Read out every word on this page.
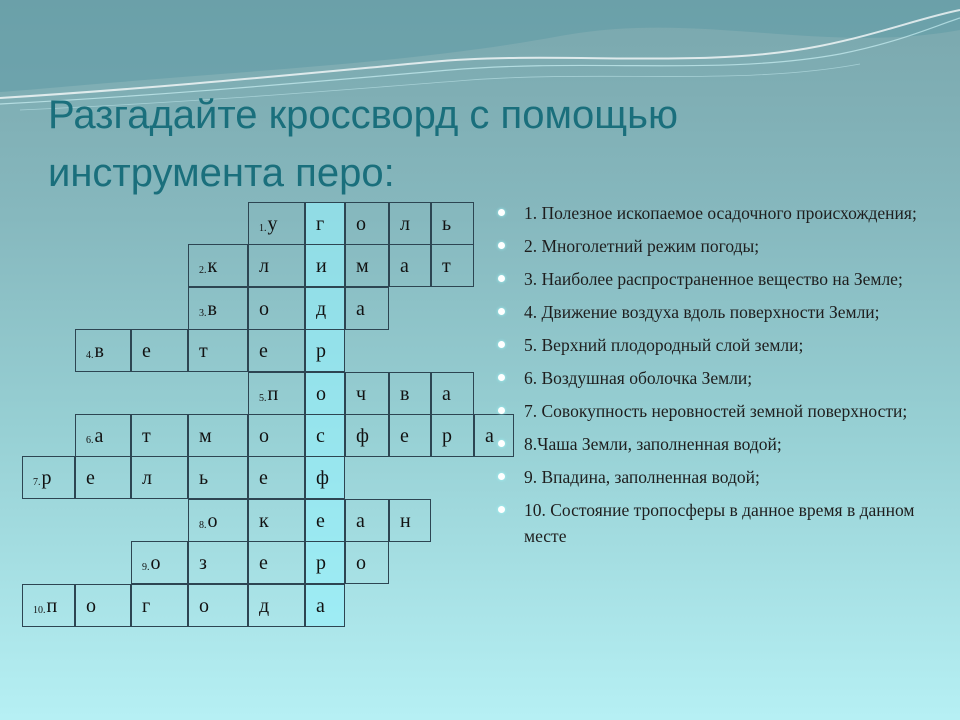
Разгадайте кроссворд с помощью инструмента перо:
1.у	г	о	л	ь
2.к	л	и	м	а	т
3.в	о	д	а
4.в	е	т	е	р
5.п	о	ч	в	а
6.а	т	м	о	с	ф	е	р	а
7.р	е	л	ь	е	ф
8.о	к	е	а	н
9.о	з	е	р	о
10.п	о	г	о	д	а
1. Полезное ископаемое осадочного происхождения;
2. Многолетний режим погоды;
3. Наиболее распространенное вещество на Земле;
4. Движение воздуха вдоль поверхности Земли;
5. Верхний плодородный слой земли;
6. Воздушная оболочка Земли;
7. Совокупность неровностей земной поверхности;
8.Чаша Земли, заполненная водой;
9. Впадина, заполненная водой;
10. Состояние тропосферы в данное время в данном месте
